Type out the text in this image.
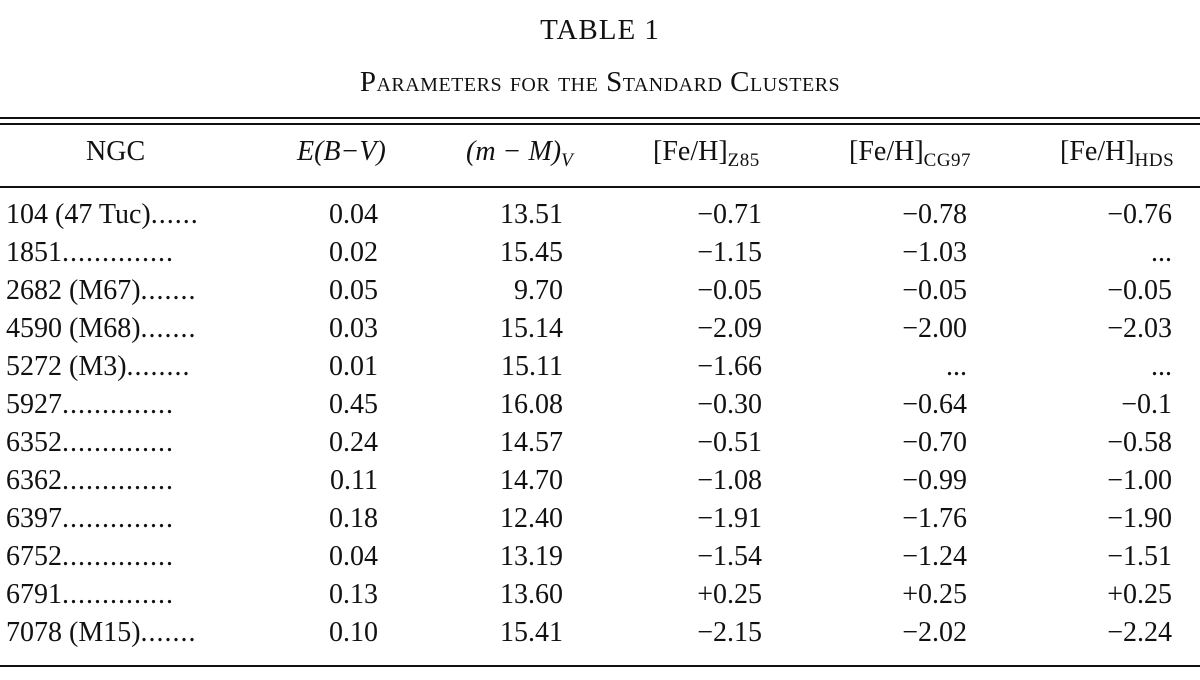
TABLE 1
Parameters for the Standard Clusters
NGC	E(B−V)	$(m - M)_V$	$[Fe/H]_{Z85}$	$[Fe/H]_{CG97}$	$[Fe/H]_{HDS}$
104 (47 Tuc)......	0.04	13.51	−0.71	−0.78	−0.76
1851..............	0.02	15.45	−1.15	−1.03	...
2682 (M67).......	0.05	9.70	−0.05	−0.05	−0.05
4590 (M68).......	0.03	15.14	−2.09	−2.00	−2.03
5272 (M3)........	0.01	15.11	−1.66	...	...
5927..............	0.45	16.08	−0.30	−0.64	−0.1
6352..............	0.24	14.57	−0.51	−0.70	−0.58
6362..............	0.11	14.70	−1.08	−0.99	−1.00
6397..............	0.18	12.40	−1.91	−1.76	−1.90
6752..............	0.04	13.19	−1.54	−1.24	−1.51
6791..............	0.13	13.60	+0.25	+0.25	+0.25
7078 (M15).......	0.10	15.41	−2.15	−2.02	−2.24
